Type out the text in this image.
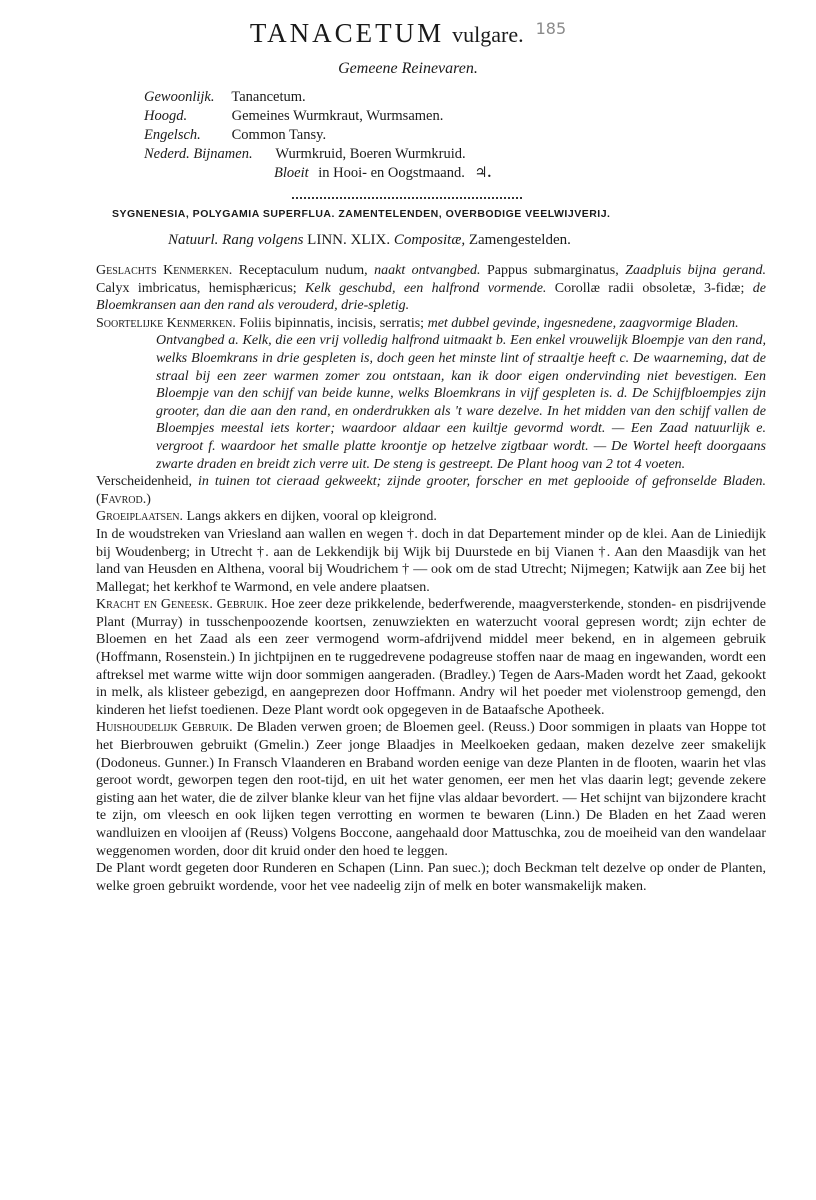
TANACETUM vulgare. 185
Gemeene Reinevaren.
Gewoonlijk. Tanancetum.
Hoogd.	Gemeines Wurmkraut, Wurmsamen.
Engelsch. Common Tansy.
Nederd. Bijnamen. Wurmkruid, Boeren Wurmkruid.
Bloeit in Hooi- en Oogstmaand. ♃.
SYGNENESIA, POLYGAMIA SUPERFLUA. ZAMENTELENDEN, OVERBODIGE VEELWIJVERIJ.
Natuurl. Rang volgens LINN. XLIX. Compositæ, Zamengestelden.

Geslachts Kenmerken. Receptaculum nudum, naakt ontvangbed. Pappus submarginatus, Zaadpluis bijna gerand. Calyx imbricatus, hemisphæricus; Kelk geschubd, een halfrond vormende. Corollæ radii obsoletæ, 3-fidæ; de Bloemkransen aan den rand als verouderd, drie-spletig.

Soortelijke Kenmerken. Foliis bipinnatis, incisis, serratis; met dubbel gevinde, ingesnedene, zaagvormige Bladen.

Ontvangbed a. Kelk, die een vrij volledig halfrond uitmaakt b. Een enkel vrouwelijk Bloempje van den rand, welks Bloemkrans in drie gespleten is, doch geen het minste lint of straaltje heeft c. De waarneming, dat de straal bij een zeer warmen zomer zou ontstaan, kan ik door eigen ondervinding niet bevestigen. Een Bloempje van den schijf van beide kunne, welks Bloemkrans in vijf gespleten is. d. De Schijfbloempjes zijn grooter, dan die aan den rand, en onderdrukken als 't ware dezelve. In het midden van den schijf vallen de Bloempjes meestal iets korter; waardoor aldaar een kuiltje gevormd wordt. — Een Zaad natuurlijk e. vergroot f. waardoor het smalle platte kroontje op hetzelve zigtbaar wordt. — De Wortel heeft doorgaans zwarte draden en breidt zich verre uit. De steng is gestreept. De Plant hoog van 2 tot 4 voeten.

Verscheidenheid, in tuinen tot cieraad gekweekt; zijnde grooter, forscher en met geplooide of gefronselde Bladen. (Favrod.)

Groeiplaatsen. Langs akkers en dijken, vooral op kleigrond.

In de woudstreken van Vriesland aan wallen en wegen †. doch in dat Departement minder op de klei. Aan de Liniedijk bij Woudenberg; in Utrecht †. aan de Lekkendijk bij Wijk bij Duurstede en bij Vianen †. Aan den Maasdijk van het land van Heusden en Althena, vooral bij Woudrichem † — ook om de stad Utrecht; Nijmegen; Katwijk aan Zee bij het Mallegat; het kerkhof te Warmond, en vele andere plaatsen.

Kracht en Geneesk. Gebruik. Hoe zeer deze prikkelende, bederfwerende, maagversterkende, stonden- en pisdrijvende Plant (Murray) in tusschenpoozende koortsen, zenuwziekten en waterzucht vooral gepresen wordt; zijn echter de Bloemen en het Zaad als een zeer vermogend worm-afdrijvend middel meer bekend, en in algemeen gebruik (Hoffmann, Rosenstein.) In jichtpijnen en te ruggedrevene podagreuse stoffen naar de maag en ingewanden, wordt een aftreksel met warme witte wijn door sommigen aangeraden. (Bradley.) Tegen de Aars-Maden wordt het Zaad, gekookt in melk, als klisteer gebezigd, en aangeprezen door Hoffmann. Andry wil het poeder met violenstroop gemengd, den kinderen het liefst toedienen. Deze Plant wordt ook opgegeven in de Bataafsche Apotheek.

Huishoudelijk Gebruik. De Bladen verwen groen; de Bloemen geel. (Reuss.) Door sommigen in plaats van Hoppe tot het Bierbrouwen gebruikt (Gmelin.) Zeer jonge Blaadjes in Meelkoeken gedaan, maken dezelve zeer smakelijk (Dodoneus. Gunner.) In Fransch Vlaanderen en Braband worden eenige van deze Planten in de flooten, waarin het vlas geroot wordt, geworpen tegen den root-tijd, en uit het water genomen, eer men het vlas daarin legt; gevende zekere gisting aan het water, die de zilver blanke kleur van het fijne vlas aldaar bevordert. — Het schijnt van bijzondere kracht te zijn, om vleesch en ook lijken tegen verrotting en wormen te bewaren (Linn.) De Bladen en het Zaad weren wandluizen en vlooijen af (Reuss) Volgens Boccone, aangehaald door Mattuschka, zou de moeiheid van den wandelaar weggenomen worden, door dit kruid onder den hoed te leggen.

De Plant wordt gegeten door Runderen en Schapen (Linn. Pan suec.); doch Beckman telt dezelve op onder de Planten, welke groen gebruikt wordende, voor het vee nadeelig zijn of melk en boter wansmakelijk maken.
